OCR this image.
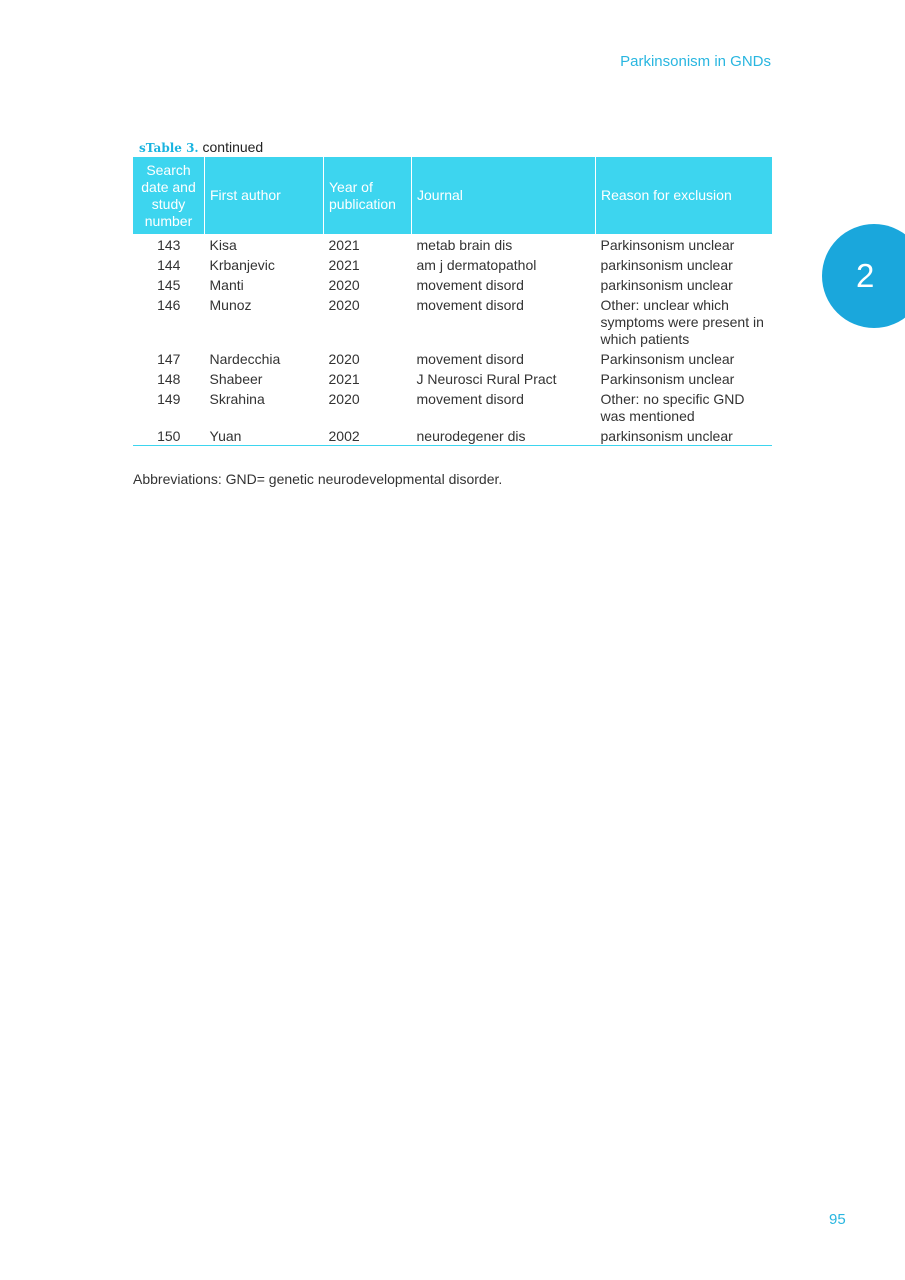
Parkinsonism in GNDs
2
sTable 3. continued
Search date and study number	First author	Year of publication	Journal	Reason for exclusion
143	Kisa	2021	metab brain dis	Parkinsonism unclear
144	Krbanjevic	2021	am j dermatopathol	parkinsonism unclear
145	Manti	2020	movement disord	parkinsonism unclear
146	Munoz	2020	movement disord	Other: unclear which symptoms were present in which patients
147	Nardecchia	2020	movement disord	Parkinsonism unclear
148	Shabeer	2021	J Neurosci Rural Pract	Parkinsonism unclear
149	Skrahina	2020	movement disord	Other: no specific GND was mentioned
150	Yuan	2002	neurodegener dis	parkinsonism unclear
Abbreviations: GND= genetic neurodevelopmental disorder.
95
